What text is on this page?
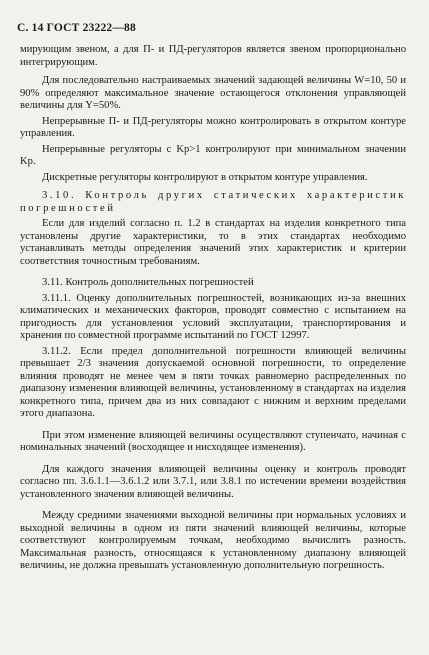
С. 14 ГОСТ 23222—88

мирующим звеном, а для П- и ПД-регуляторов является звеном пропорционально интегрирующим.

Для последовательно настраиваемых значений задающей величины W=10, 50 и 90% определяют максимальное значение остающегося отклонения управляющей величины для Y=50%.

Непрерывные П- и ПД-регуляторы можно контролировать в открытом контуре управления.

Непрерывные регуляторы с Kp>1 контролируют при минимальном значении Kp.

Дискретные регуляторы контролируют в открытом контуре управления.

3.10. Контроль других статических характеристик погрешностей

Если для изделий согласно п. 1.2 в стандартах на изделия конкретного типа установлены другие характеристики, то в этих стандартах необходимо устанавливать методы определения значений этих характеристик и критерии соответствия точностным требованиям.

3.11. Контроль дополнительных погрешностей

3.11.1. Оценку дополнительных погрешностей, возникающих из-за внешних климатических и механических факторов, проводят совместно с испытанием на пригодность для установления условий эксплуатации, транспортирования и хранения по совместной программе испытаний по ГОСТ 12997.

3.11.2. Если предел дополнительной погрешности влияющей величины превышает 2/3 значения допускаемой основной погрешности, то определение влияния проводят не менее чем в пяти точках равномерно распределенных по диапазону изменения влияющей величины, установленному в стандартах на изделия конкретного типа, причем два из них совпадают с нижним и верхним пределами этого диапазона.

При этом изменение влияющей величины осуществляют ступенчато, начиная с номинальных значений (восходящее и нисходящее изменения).

Для каждого значения влияющей величины оценку и контроль проводят согласно пп. 3.6.1.1—3.6.1.2 или 3.7.1, или 3.8.1 по истечении времени воздействия установленного значения влияющей величины.

Между средними значениями выходной величины при нормальных условиях и выходной величины в одном из пяти значений влияющей величины, которые соответствуют контролируемым точкам, необходимо вычислить разность. Максимальная разность, относящаяся к установленному диапазону влияющей величины, не должна превышать установленную дополнительную погрешность.
